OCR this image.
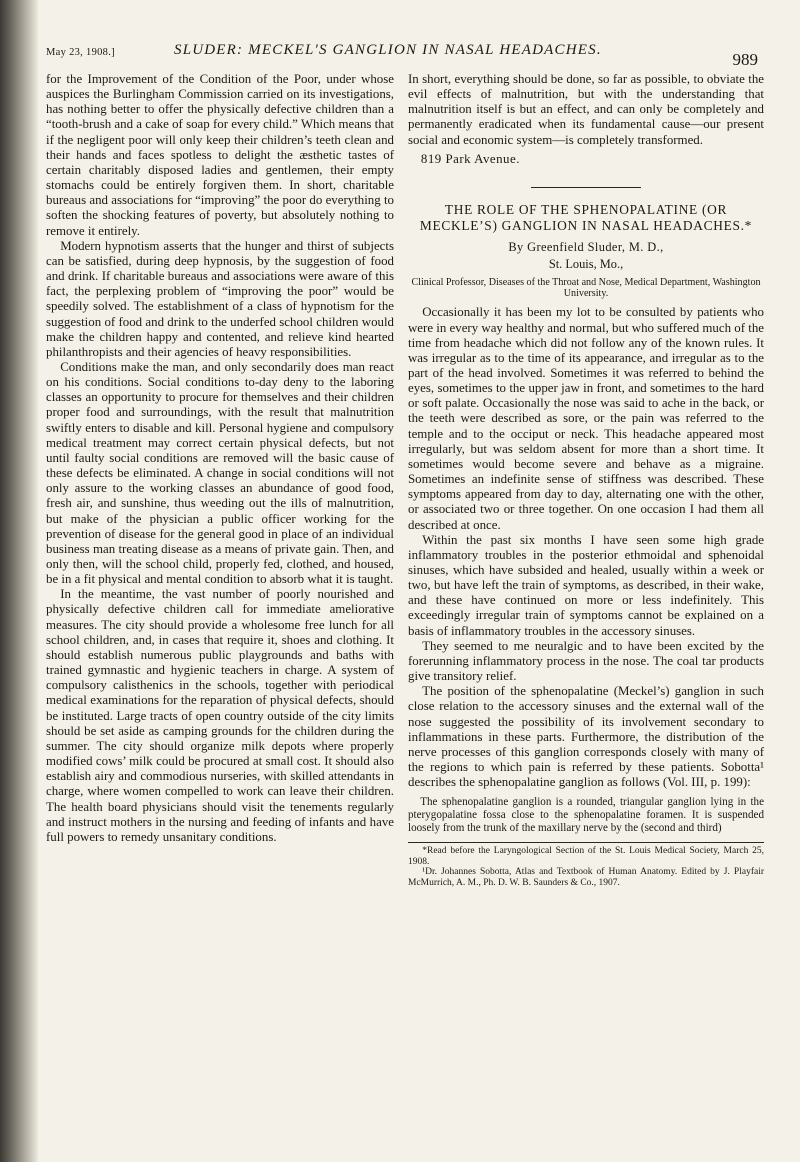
May 23, 1908.]	SLUDER: MECKEL'S GANGLION IN NASAL HEADACHES.	989

for the Improvement of the Condition of the Poor, under whose auspices the Burlingham Commission carried on its investigations, has nothing better to offer the physically defective children than a “tooth-brush and a cake of soap for every child.” Which means that if the negligent poor will only keep their children’s teeth clean and their hands and faces spotless to delight the æsthetic tastes of certain charitably disposed ladies and gentlemen, their empty stomachs could be entirely forgiven them. In short, charitable bureaus and associations for “improving” the poor do everything to soften the shocking features of poverty, but absolutely nothing to remove it entirely.

Modern hypnotism asserts that the hunger and thirst of subjects can be satisfied, during deep hypnosis, by the suggestion of food and drink. If charitable bureaus and associations were aware of this fact, the perplexing problem of “improving the poor” would be speedily solved. The establishment of a class of hypnotism for the suggestion of food and drink to the underfed school children would make the children happy and contented, and relieve kind hearted philanthropists and their agencies of heavy responsibilities.

Conditions make the man, and only secondarily does man react on his conditions. Social conditions to-day deny to the laboring classes an opportunity to procure for themselves and their children proper food and surroundings, with the result that malnutrition swiftly enters to disable and kill. Personal hygiene and compulsory medical treatment may correct certain physical defects, but not until faulty social conditions are removed will the basic cause of these defects be eliminated. A change in social conditions will not only assure to the working classes an abundance of good food, fresh air, and sunshine, thus weeding out the ills of malnutrition, but make of the physician a public officer working for the prevention of disease for the general good in place of an individual business man treating disease as a means of private gain. Then, and only then, will the school child, properly fed, clothed, and housed, be in a fit physical and mental condition to absorb what it is taught.

In the meantime, the vast number of poorly nourished and physically defective children call for immediate ameliorative measures. The city should provide a wholesome free lunch for all school children, and, in cases that require it, shoes and clothing. It should establish numerous public playgrounds and baths with trained gymnastic and hygienic teachers in charge. A system of compulsory calisthenics in the schools, together with periodical medical examinations for the reparation of physical defects, should be instituted. Large tracts of open country outside of the city limits should be set aside as camping grounds for the children during the summer. The city should organize milk depots where properly modified cows’ milk could be procured at small cost. It should also establish airy and commodious nurseries, with skilled attendants in charge, where women compelled to work can leave their children. The health board physicians should visit the tenements regularly and instruct mothers in the nursing and feeding of infants and have full powers to remedy unsanitary conditions.

In short, everything should be done, so far as possible, to obviate the evil effects of malnutrition, but with the understanding that malnutrition itself is but an effect, and can only be completely and permanently eradicated when its fundamental cause—our present social and economic system—is completely transformed.

819 Park Avenue.

THE ROLE OF THE SPHENOPALATINE (OR MECKLE’S) GANGLION IN NASAL HEADACHES.*
By Greenfield Sluder, M. D.,
St. Louis, Mo.,
Clinical Professor, Diseases of the Throat and Nose, Medical Department, Washington University.

Occasionally it has been my lot to be consulted by patients who were in every way healthy and normal, but who suffered much of the time from headache which did not follow any of the known rules. It was irregular as to the time of its appearance, and irregular as to the part of the head involved. Sometimes it was referred to behind the eyes, sometimes to the upper jaw in front, and sometimes to the hard or soft palate. Occasionally the nose was said to ache in the back, or the teeth were described as sore, or the pain was referred to the temple and to the occiput or neck. This headache appeared most irregularly, but was seldom absent for more than a short time. It sometimes would become severe and behave as a migraine. Sometimes an indefinite sense of stiffness was described. These symptoms appeared from day to day, alternating one with the other, or associated two or three together. On one occasion I had them all described at once.

Within the past six months I have seen some high grade inflammatory troubles in the posterior ethmoidal and sphenoidal sinuses, which have subsided and healed, usually within a week or two, but have left the train of symptoms, as described, in their wake, and these have continued on more or less indefinitely. This exceedingly irregular train of symptoms cannot be explained on a basis of inflammatory troubles in the accessory sinuses.

They seemed to me neuralgic and to have been excited by the forerunning inflammatory process in the nose. The coal tar products give transitory relief.

The position of the sphenopalatine (Meckel’s) ganglion in such close relation to the accessory sinuses and the external wall of the nose suggested the possibility of its involvement secondary to inflammations in these parts. Furthermore, the distribution of the nerve processes of this ganglion corresponds closely with many of the regions to which pain is referred by these patients. Sobotta¹ describes the sphenopalatine ganglion as follows (Vol. III, p. 199):

The sphenopalatine ganglion is a rounded, triangular ganglion lying in the pterygopalatine fossa close to the sphenopalatine foramen. It is suspended loosely from the trunk of the maxillary nerve by the (second and third)

*Read before the Laryngological Section of the St. Louis Medical Society, March 25, 1908.

¹Dr. Johannes Sobotta, Atlas and Textbook of Human Anatomy. Edited by J. Playfair McMurrich, A. M., Ph. D. W. B. Saunders & Co., 1907.
